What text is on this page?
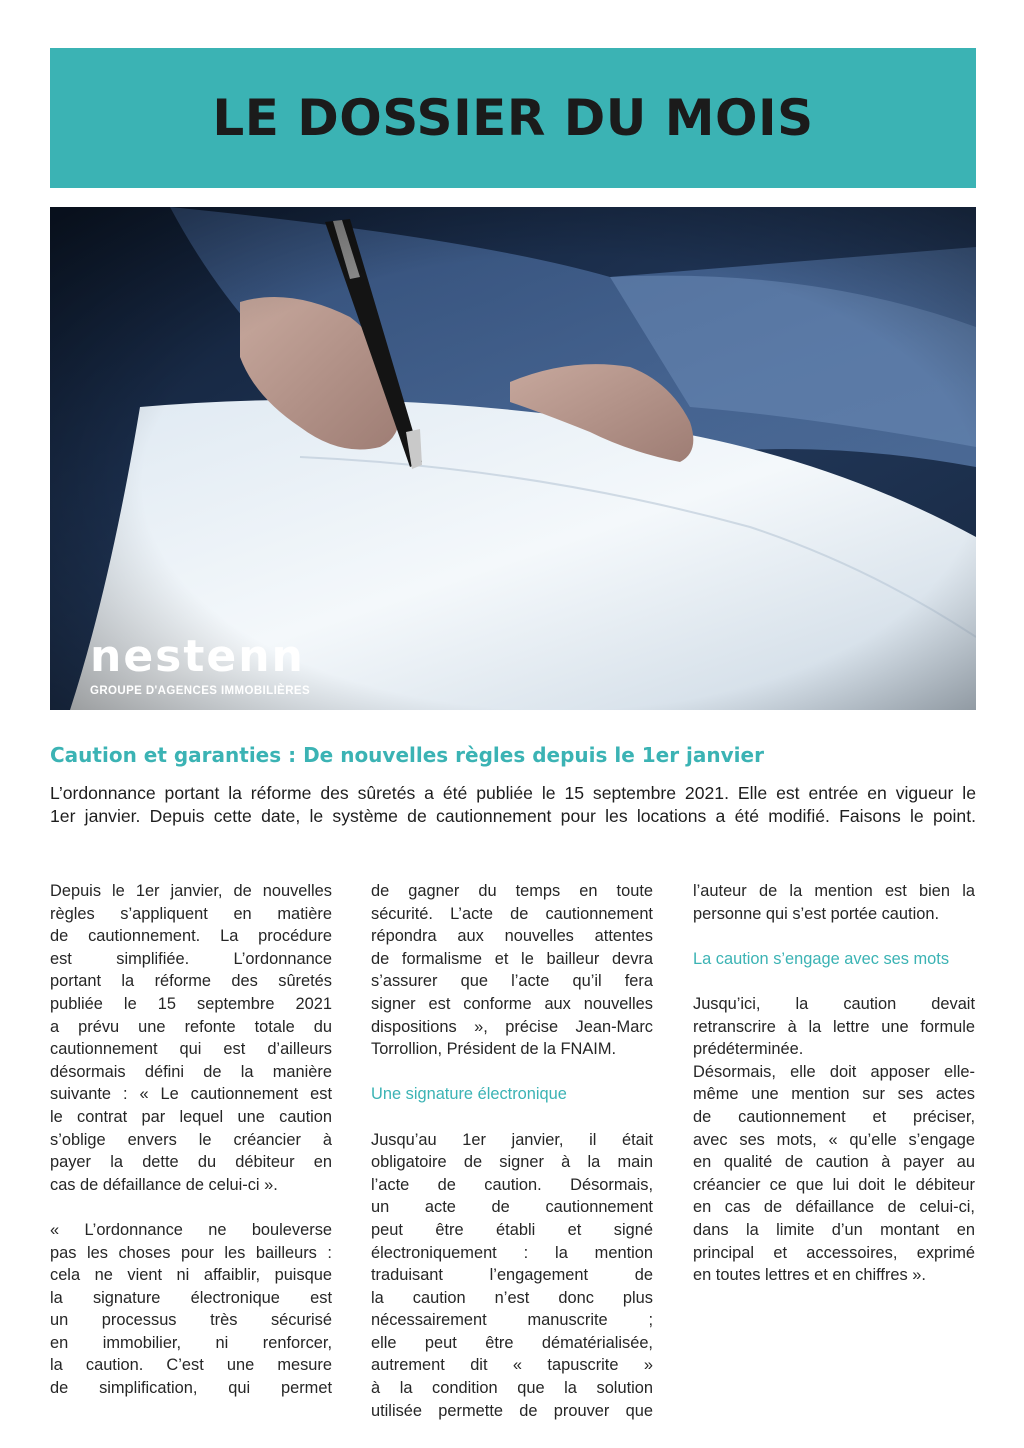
LE DOSSIER DU MOIS
nestenn
GROUPE D'AGENCES IMMOBILIÈRES
Caution et garanties : De nouvelles règles depuis le 1er janvier
L’ordonnance portant la réforme des sûretés a été publiée le 15 septembre 2021. Elle est entrée en vigueur le
1er janvier. Depuis cette date, le système de cautionnement pour les locations a été modifié. Faisons le point.
Depuis le 1er janvier, de nouvelles
règles s’appliquent en matière
de cautionnement. La procédure
est simplifiée. L’ordonnance
portant la réforme des sûretés
publiée le 15 septembre 2021
a prévu une refonte totale du
cautionnement qui est d’ailleurs
désormais défini de la manière
suivante : « Le cautionnement est
le contrat par lequel une caution
s’oblige envers le créancier à
payer la dette du débiteur en
cas de défaillance de celui-ci ».
« L’ordonnance ne bouleverse
pas les choses pour les bailleurs :
cela ne vient ni affaiblir, puisque
la signature électronique est
un processus très sécurisé
en immobilier, ni renforcer,
la caution. C’est une mesure
de simplification, qui permet
de gagner du temps en toute
sécurité. L’acte de cautionnement
répondra aux nouvelles attentes
de formalisme et le bailleur devra
s’assurer que l’acte qu’il fera
signer est conforme aux nouvelles
dispositions », précise Jean-Marc
Torrollion, Président de la FNAIM.

Une signature électronique

Jusqu’au 1er janvier, il était
obligatoire de signer à la main
l’acte de caution. Désormais,
un acte de cautionnement
peut être établi et signé
électroniquement : la mention
traduisant l’engagement de
la caution n’est donc plus
nécessairement manuscrite ;
elle peut être dématérialisée,
autrement dit « tapuscrite »
à la condition que la solution
utilisée permette de prouver que
l’auteur de la mention est bien la
personne qui s’est portée caution.

La caution s’engage avec ses mots

Jusqu’ici, la caution devait
retranscrire à la lettre une formule
prédéterminée.
Désormais, elle doit apposer elle-
même une mention sur ses actes
de cautionnement et préciser,
avec ses mots, « qu’elle s’engage
en qualité de caution à payer au
créancier ce que lui doit le débiteur
en cas de défaillance de celui-ci,
dans la limite d’un montant en
principal et accessoires, exprimé
en toutes lettres et en chiffres ».
